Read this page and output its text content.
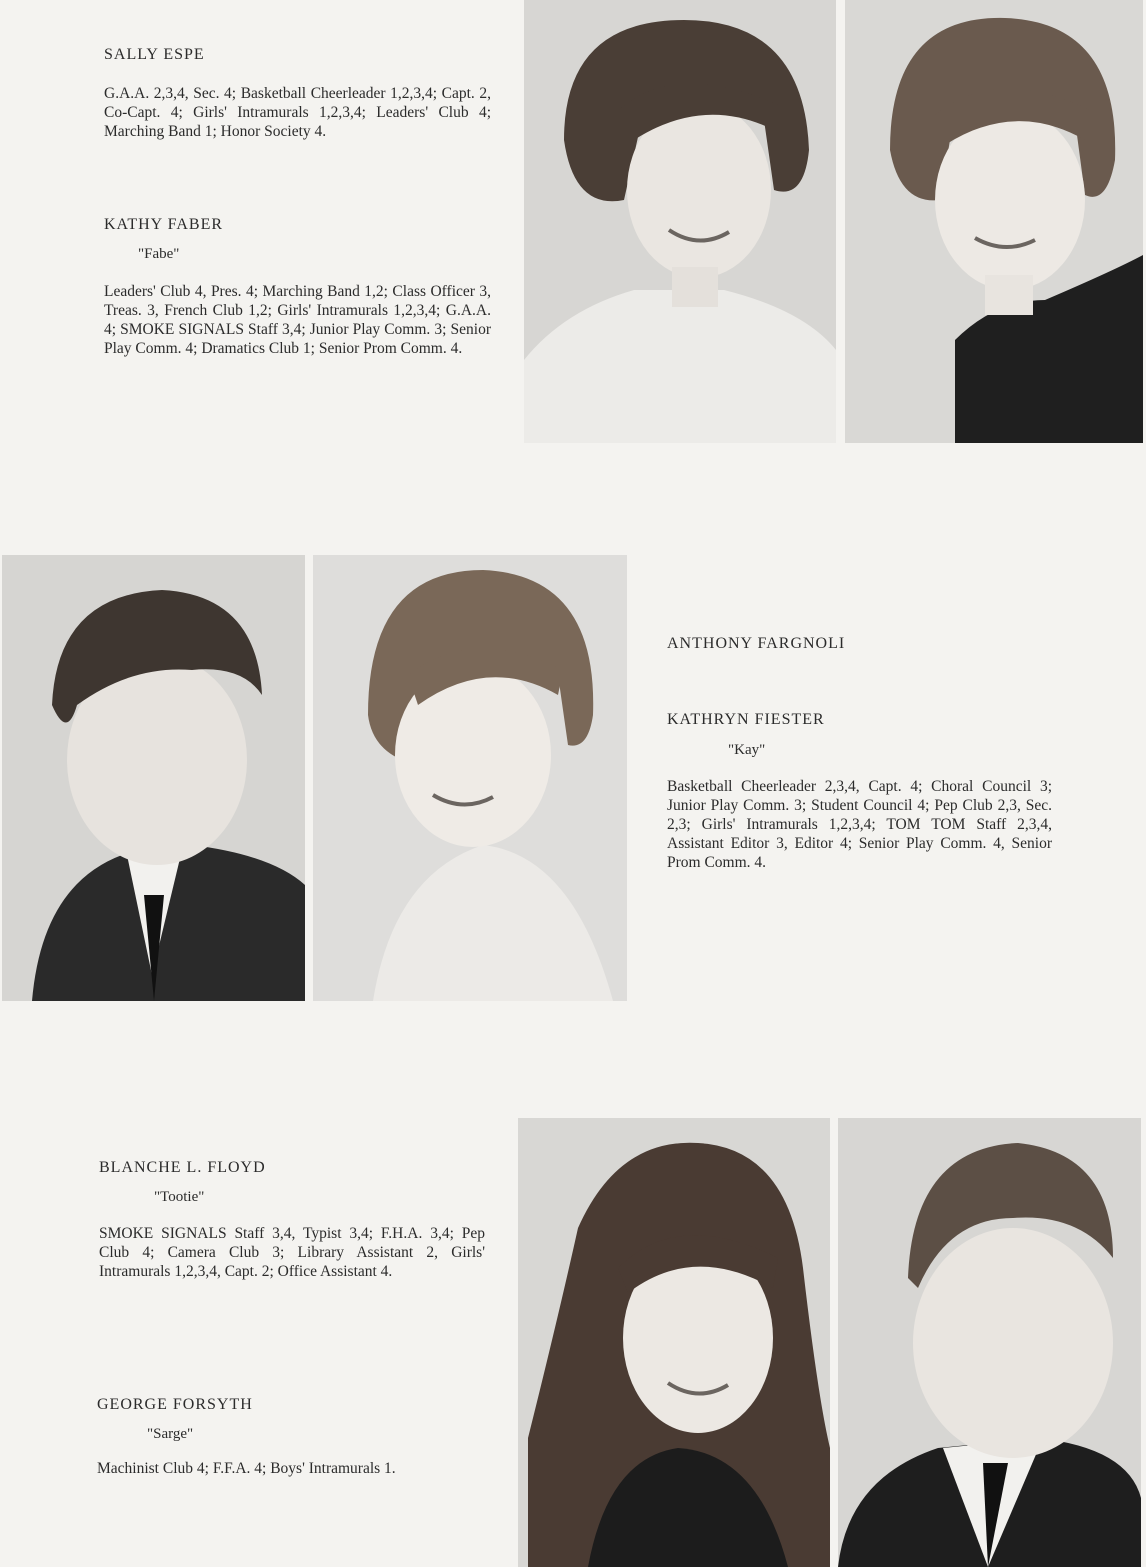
SALLY ESPE

G.A.A. 2,3,4, Sec. 4; Basketball Cheerleader 1,2,3,4; Capt. 2, Co-Capt. 4; Girls' Intramurals 1,2,3,4; Leaders' Club 4; Marching Band 1; Honor Society 4.

KATHY FABER

"Fabe"

Leaders' Club 4, Pres. 4; Marching Band 1,2; Class Officer 3, Treas. 3, French Club 1,2; Girls' Intramurals 1,2,3,4; G.A.A. 4; SMOKE SIGNALS Staff 3,4; Junior Play Comm. 3; Senior Play Comm. 4; Dramatics Club 1; Senior Prom Comm. 4.

ANTHONY FARGNOLI

KATHRYN FIESTER

"Kay"

Basketball Cheerleader 2,3,4, Capt. 4; Choral Council 3; Junior Play Comm. 3; Student Council 4; Pep Club 2,3, Sec. 2,3; Girls' Intramurals 1,2,3,4; TOM TOM Staff 2,3,4, Assistant Editor 3, Editor 4; Senior Play Comm. 4, Senior Prom Comm. 4.

BLANCHE L. FLOYD

"Tootie"

SMOKE SIGNALS Staff 3,4, Typist 3,4; F.H.A. 3,4; Pep Club 4; Camera Club 3; Library Assistant 2, Girls' Intramurals 1,2,3,4, Capt. 2; Office Assistant 4.

GEORGE FORSYTH

"Sarge"

Machinist Club 4; F.F.A. 4; Boys' Intramurals 1.
